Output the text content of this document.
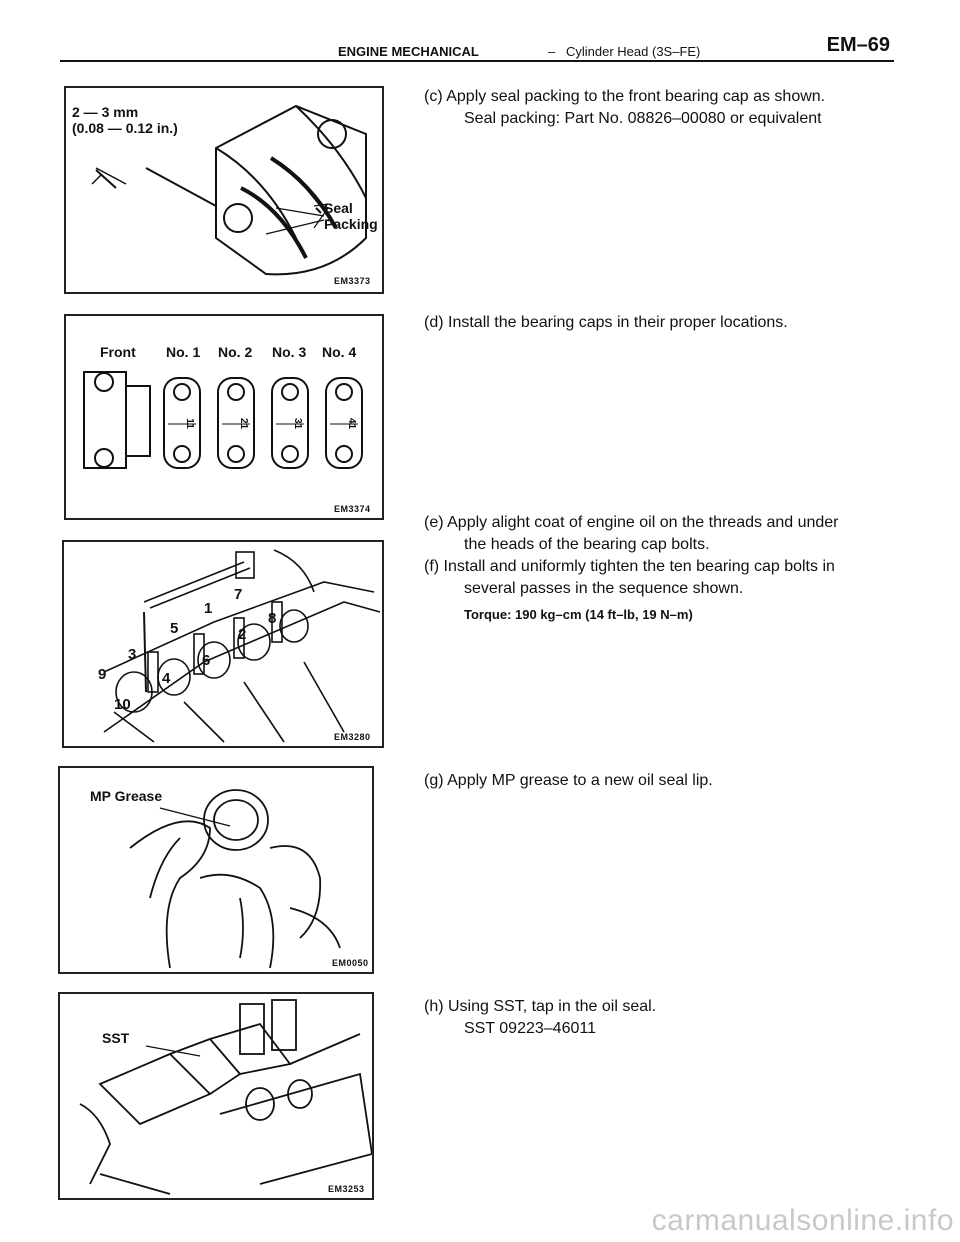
ENGINE MECHANICAL	– Cylinder Head (3S–FE)	EM–69
2 — 3 mm
(0.08 — 0.12 in.)
Seal
Packing
EM3373
Front No. 1 No. 2 No. 3 No. 4
11	21	31	41
EM3374
1
2
3
4
5
6
7
8
9
10
EM3280
MP Grease
EM0050
SST
EM3253
(c) Apply seal packing to the front bearing cap as shown.
Seal packing: Part No. 08826–00080 or equivalent
(d) Install the bearing caps in their proper locations.
(e) Apply alight coat of engine oil on the threads and under
the heads of the bearing cap bolts.
(f) Install and uniformly tighten the ten bearing cap bolts in
several passes in the sequence shown.
Torque: 190 kg–cm (14 ft–lb, 19 N–m)
(g) Apply MP grease to a new oil seal lip.
(h) Using SST, tap in the oil seal.
SST 09223–46011
carmanualsonline.info
